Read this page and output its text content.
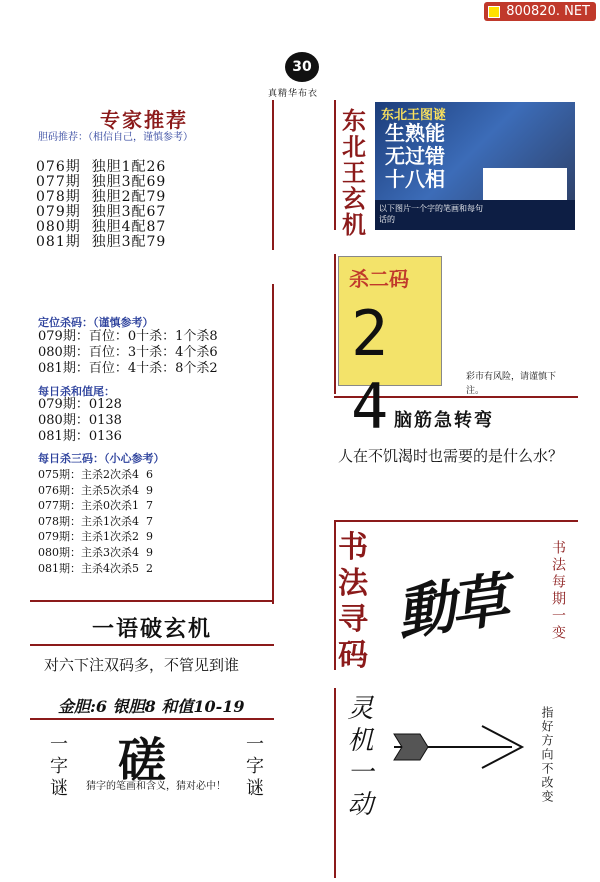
800820. NET
30
真精华布衣
专家推荐
胆码推荐：（相信自己，谨慎参考）
076期  独胆1配26
077期  独胆3配69
078期  独胆2配79
079期  独胆3配67
080期  独胆4配87
081期  独胆3配79
定位杀码：（谨慎参考）
079期：百位：0十杀：1个杀8
080期：百位：3十杀：4个杀6
081期：百位：4十杀：8个杀2
每日杀和值尾：
079期：0128
080期：0138
081期：0136
每日杀三码：（小心参考）
075期：主杀2次杀4  6
076期：主杀5次杀4  9
077期：主杀0次杀1  7
078期：主杀1次杀4  7
079期：主杀1次杀2  9
080期：主杀3次杀4  9
081期：主杀4次杀5  2
一语破玄机
对六下注双码多，不管见到谁
金胆:6 银胆8 和值10-19
一字谜 磋
猜字的笔画和含义，猜对必中！ 一字谜
东北王玄机
东北王图谜
生熟能
无过错
十八相
以下图片一个字的笔画和每句话的
杀二码
2 4	彩市有风险，请谨慎下注。
脑筋急转弯
人在不饥渴时也需要的是什么水？
书法寻码
動草	书法每期一变
灵机一动	指好方向不改变
